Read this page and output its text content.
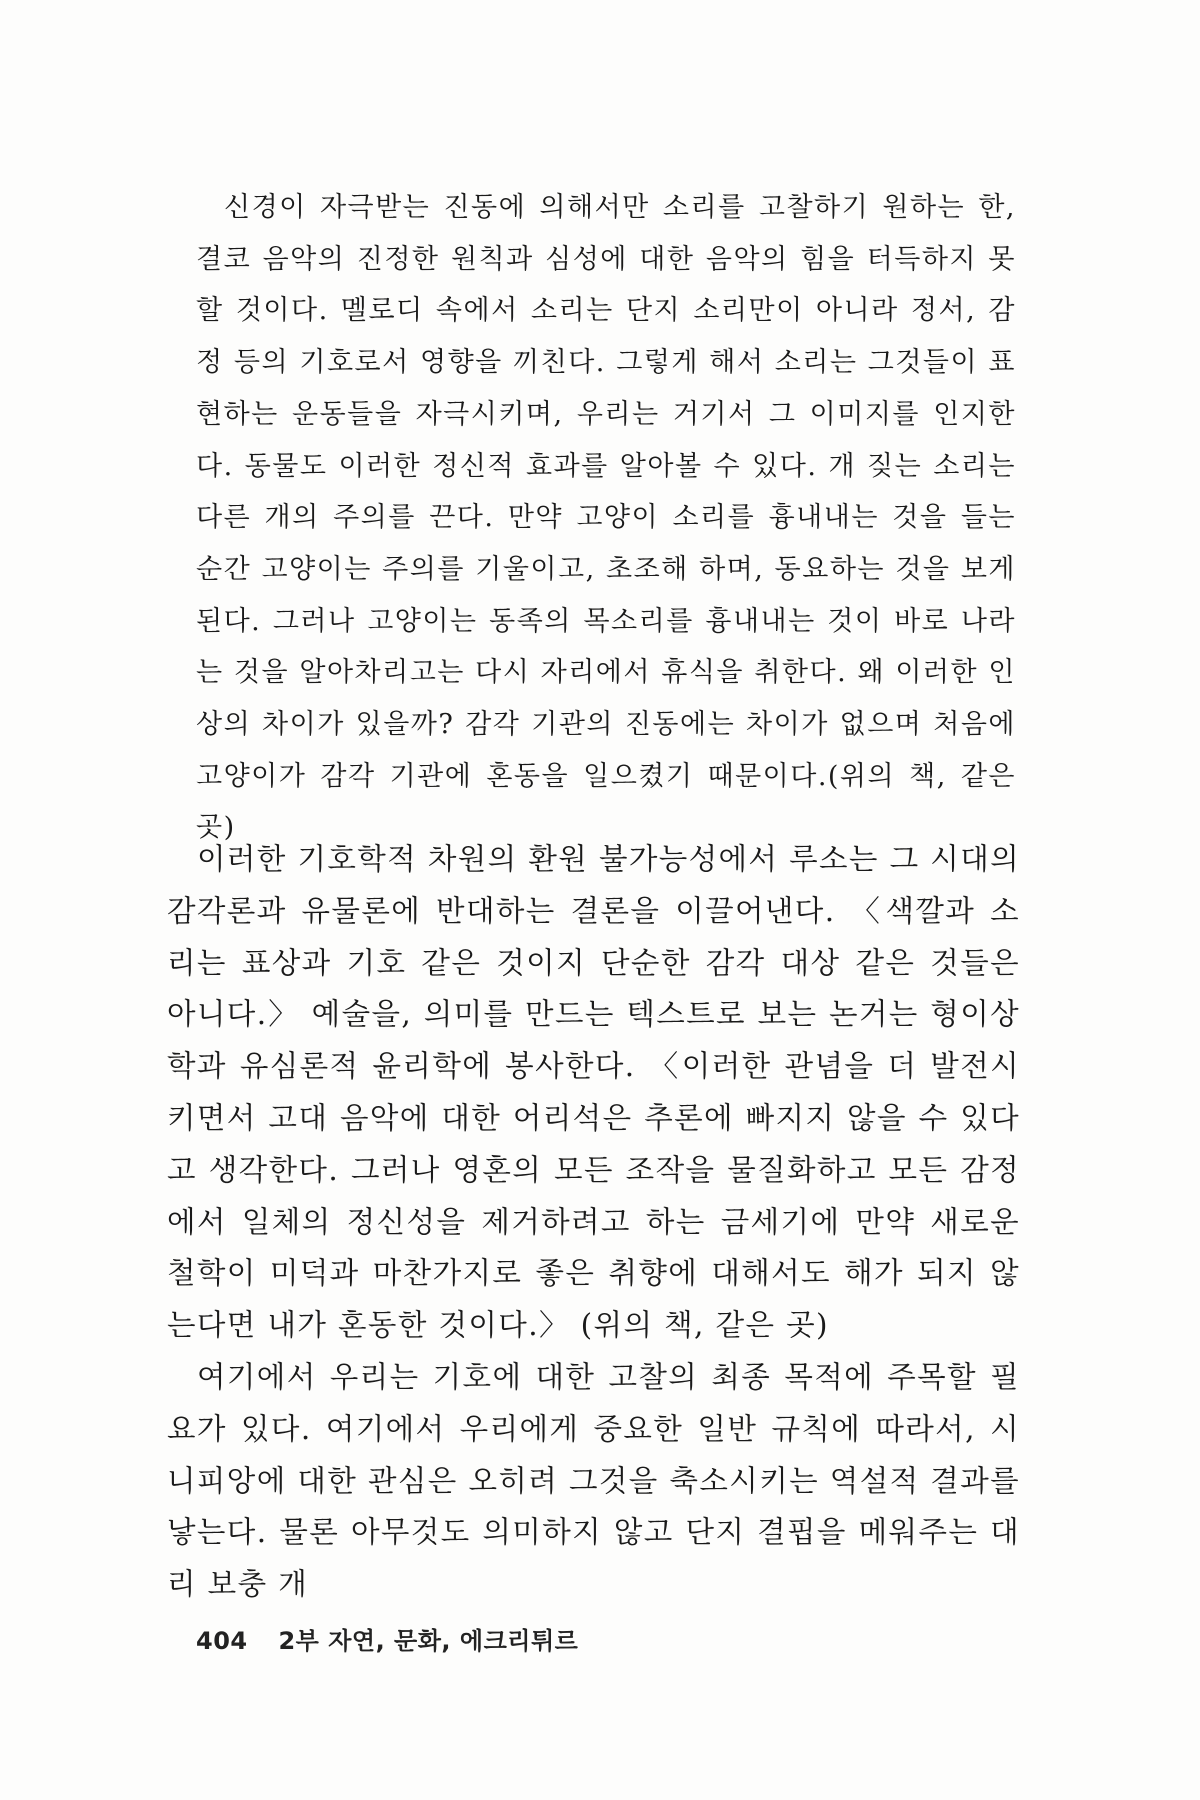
신경이 자극받는 진동에 의해서만 소리를 고찰하기 원하는 한, 결코 음악의 진정한 원칙과 심성에 대한 음악의 힘을 터득하지 못할 것이다. 멜로디 속에서 소리는 단지 소리만이 아니라 정서, 감정 등의 기호로서 영향을 끼친다. 그렇게 해서 소리는 그것들이 표현하는 운동들을 자극시키며, 우리는 거기서 그 이미지를 인지한다. 동물도 이러한 정신적 효과를 알아볼 수 있다. 개 짖는 소리는 다른 개의 주의를 끈다. 만약 고양이 소리를 흉내내는 것을 들는 순간 고양이는 주의를 기울이고, 초조해 하며, 동요하는 것을 보게 된다. 그러나 고양이는 동족의 목소리를 흉내내는 것이 바로 나라는 것을 알아차리고는 다시 자리에서 휴식을 취한다. 왜 이러한 인상의 차이가 있을까? 감각 기관의 진동에는 차이가 없으며 처음에 고양이가 감각 기관에 혼동을 일으켰기 때문이다.(위의 책, 같은 곳)

이러한 기호학적 차원의 환원 불가능성에서 루소는 그 시대의 감각론과 유물론에 반대하는 결론을 이끌어낸다. 〈색깔과 소리는 표상과 기호 같은 것이지 단순한 감각 대상 같은 것들은 아니다.〉 예술을, 의미를 만드는 텍스트로 보는 논거는 형이상학과 유심론적 윤리학에 봉사한다. 〈이러한 관념을 더 발전시키면서 고대 음악에 대한 어리석은 추론에 빠지지 않을 수 있다고 생각한다. 그러나 영혼의 모든 조작을 물질화하고 모든 감정에서 일체의 정신성을 제거하려고 하는 금세기에 만약 새로운 철학이 미덕과 마찬가지로 좋은 취향에 대해서도 해가 되지 않는다면 내가 혼동한 것이다.〉 (위의 책, 같은 곳)

여기에서 우리는 기호에 대한 고찰의 최종 목적에 주목할 필요가 있다. 여기에서 우리에게 중요한 일반 규칙에 따라서, 시니피앙에 대한 관심은 오히려 그것을 축소시키는 역설적 결과를 낳는다. 물론 아무것도 의미하지 않고 단지 결핍을 메워주는 대리 보충 개

404 2부 자연, 문화, 에크리튀르
